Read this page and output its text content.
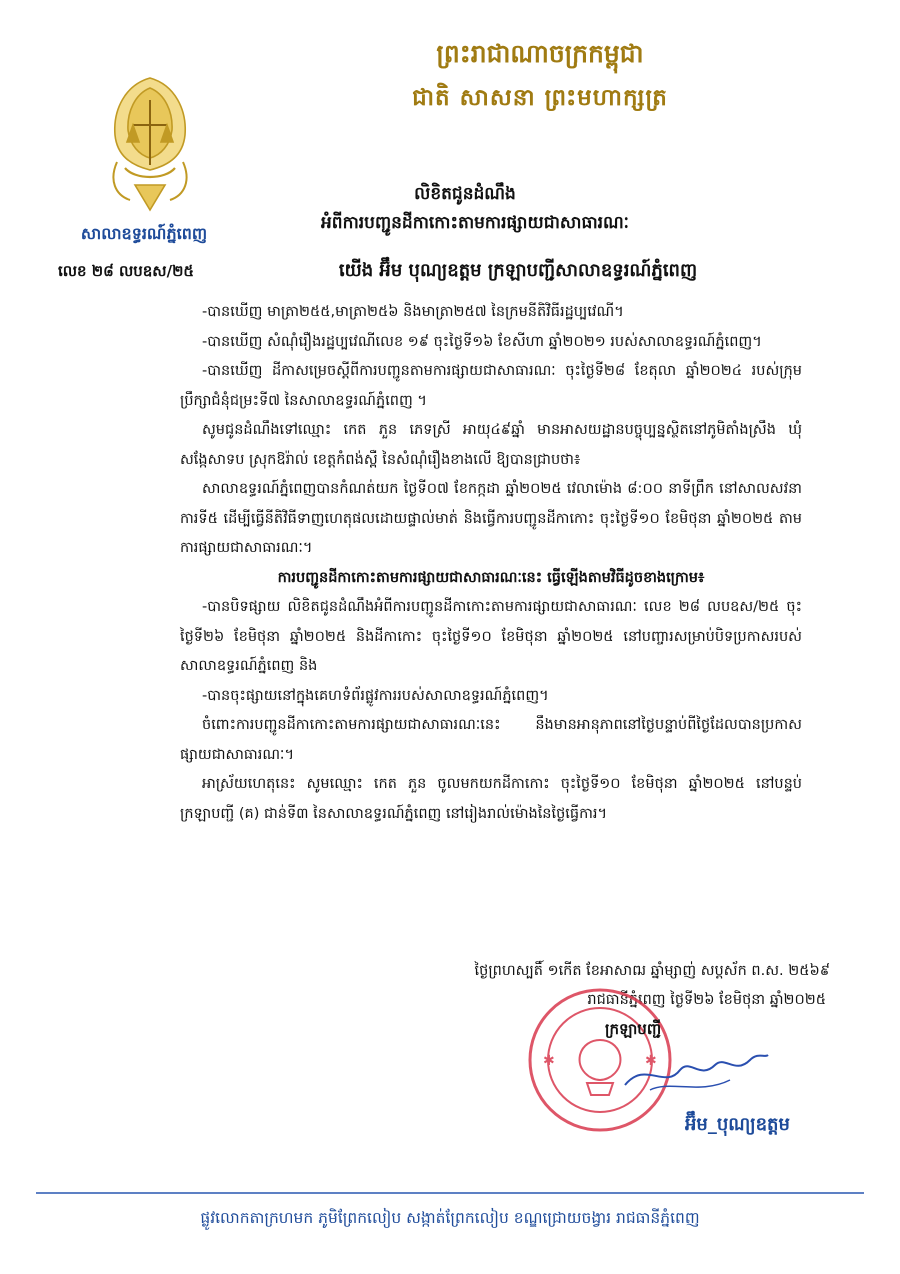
ព្រះរាជាណាចក្រកម្ពុជា
ជាតិ សាសនា ព្រះមហាក្សត្រ
សាលាឧទ្ធរណ៍ភ្នំពេញ
លេខ ២៨ លបឧស/២៥
លិខិតជូនដំណឹង
អំពីការបញ្ជូនដីកាកោះតាមការផ្សាយជាសាធារណៈ
យើង អ៊ឹម បុណ្យឧត្តម ក្រឡាបញ្ជីសាលាឧទ្ធរណ៍ភ្នំពេញ

-បានឃើញ មាត្រា២៥៥,មាត្រា២៥៦ និងមាត្រា២៥៧ នៃក្រមនីតិវិធីរដ្ឋប្បវេណី។

-បានឃើញ សំណុំរឿងរដ្ឋប្បវេណីលេខ ១៩ ចុះថ្ងៃទី១៦ ខែសីហា ឆ្នាំ២០២១ របស់សាលាឧទ្ធរណ៍ភ្នំពេញ។

-បានឃើញ ដីកាសម្រេចស្តីពីការបញ្ជូនតាមការផ្សាយជាសាធារណៈ ចុះថ្ងៃទី២៨ ខែតុលា ឆ្នាំ២០២៤ របស់ក្រុមប្រឹក្សាជំនុំជម្រះទី៧ នៃសាលាឧទ្ធរណ៍ភ្នំពេញ ។

សូមជូនដំណឹងទៅឈ្មោះ កេត ភួន ភេទស្រី អាយុ៤៩ឆ្នាំ មានអាសយដ្ឋានបច្ចុប្បន្នស្ថិតនៅភូមិតាំងស្រឹង ឃុំសង្កែសាទប ស្រុកឱរ៉ាល់ ខេត្តកំពង់ស្ពឺ នៃសំណុំរឿងខាងលើ ឱ្យបានជ្រាបថា៖

សាលាឧទ្ធរណ៍ភ្នំពេញបានកំណត់យក ថ្ងៃទី០៧ ខែកក្កដា ឆ្នាំ២០២៥ វេលាម៉ោង ៨:០០ នាទីព្រឹក នៅសាលសវនាការទី៥ ដើម្បីធ្វើនីតិវិធីទាញហេតុផលដោយផ្ទាល់មាត់ និងធ្វើការបញ្ជូនដីកាកោះ ចុះថ្ងៃទី១០ ខែមិថុនា ឆ្នាំ២០២៥ តាមការផ្សាយជាសាធារណៈ។

ការបញ្ជូនដីកាកោះតាមការផ្សាយជាសាធារណៈនេះ ធ្វើឡើងតាមវិធីដូចខាងក្រោម៖

-បានបិទផ្សាយ លិខិតជូនដំណឹងអំពីការបញ្ជូនដីកាកោះតាមការផ្សាយជាសាធារណៈ លេខ ២៨ លបឧស/២៥ ចុះថ្ងៃទី២៦ ខែមិថុនា ឆ្នាំ២០២៥ និងដីកាកោះ ចុះថ្ងៃទី១០ ខែមិថុនា ឆ្នាំ២០២៥ នៅបញ្ចារសម្រាប់បិទប្រកាសរបស់សាលាឧទ្ធរណ៍ភ្នំពេញ និង

-បានចុះផ្សាយនៅក្នុងគេហទំព័រផ្លូវការរបស់សាលាឧទ្ធរណ៍ភ្នំពេញ។

ចំពោះការបញ្ជូនដីកាកោះតាមការផ្សាយជាសាធារណៈនេះ នឹងមានអានុភាពនៅថ្ងៃបន្ទាប់ពីថ្ងៃដែលបានប្រកាសផ្សាយជាសាធារណៈ។

អាស្រ័យហេតុនេះ សូមឈ្មោះ កេត ភួន ចូលមកយកដីកាកោះ ចុះថ្ងៃទី១០ ខែមិថុនា ឆ្នាំ២០២៥ នៅបន្ទប់ក្រឡាបញ្ជី (គ) ជាន់ទី៣ នៃសាលាឧទ្ធរណ៍ភ្នំពេញ នៅរៀងរាល់ម៉ោងនៃថ្ងៃធ្វើការ។

ថ្ងៃព្រហស្បតិ៍ ១កើត ខែអាសាឍ ឆ្នាំម្សាញ់ សប្តស័ក ព.ស. ២៥៦៩
រាជធានីភ្នំពេញ ថ្ងៃទី២៦ ខែមិថុនា ឆ្នាំ២០២៥
✱	✱
ក្រឡាបញ្ជី
អ៊ឹម_បុណ្យឧត្តម
ផ្លូវលោកតាក្រហមក ភូមិព្រែកលៀប សង្កាត់ព្រែកលៀប ខណ្ឌជ្រោយចង្វារ រាជធានីភ្នំពេញ
